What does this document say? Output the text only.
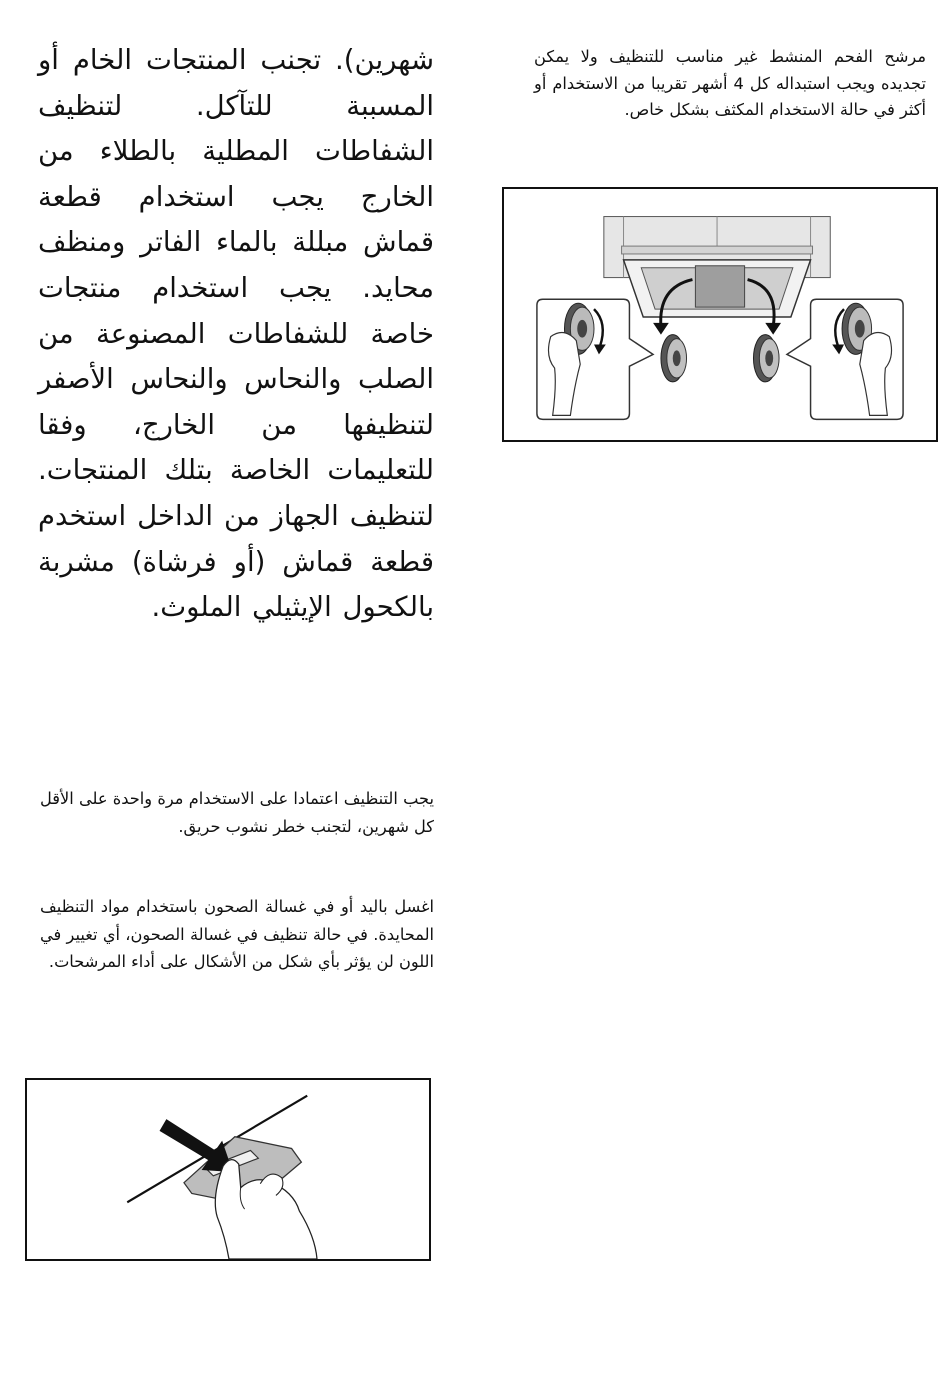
شهرين). تجنب المنتجات الخام أو المسببة للتآكل. لتنظيف الشفاطات المطلية بالطلاء من الخارج يجب استخدام قطعة قماش مبللة بالماء الفاتر ومنظف محايد. يجب استخدام منتجات خاصة للشفاطات المصنوعة من الصلب والنحاس والنحاس الأصفر لتنظيفها من الخارج، وفقا للتعليمات الخاصة بتلك المنتجات. لتنظيف الجهاز من الداخل استخدم قطعة قماش (أو فرشاة) مشربة بالكحول الإيثيلي الملوث.
مرشح الفحم المنشط غير مناسب للتنظيف ولا يمكن تجديده ويجب استبداله كل 4 أشهر تقريبا من الاستخدام أو أكثر في حالة الاستخدام المكثف بشكل خاص.
يجب التنظيف اعتمادا على الاستخدام مرة واحدة على الأقل كل شهرين، لتجنب خطر نشوب حريق.
اغسل باليد أو في غسالة الصحون باستخدام مواد التنظيف المحايدة. في حالة تنظيف في غسالة الصحون، أي تغيير في اللون لن يؤثر بأي شكل من الأشكال على أداء المرشحات.
